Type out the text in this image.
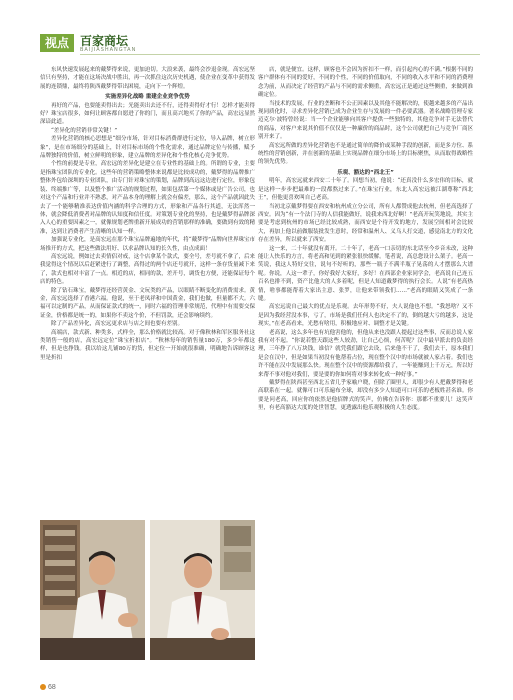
视点 百家商坛
BAIJIASHANGTAN

东风快速发展起来的戴梦得来说，更加迫切。大浪来袭，最终会沙退金现。高宏远坚信只有坚持，才能在这场决战中胜出，再一次抓住这次历史机遇，使企业在变革中获得发展的连锁鼎，最终将陕西戴梦得带出困境，走向下一个辉煌。

实施差异化战略 重建企业竞争优势

再好的产品，也要能卖得出去；光能卖出去还不行，还得卖得好才行！怎样才能卖得好？珠宝店很多，如何让顾客都自愿进了你的门，而且高兴地买了你的产品，高宏远显然深谙此道。

“差异化的营销非常关键！”

差异化营销的核心思想是“细分市场，针对目标消费群进行定位，导入品牌，树立形象”，是在市场细分的基础上，针对目标市场的个性化需求，通过品牌定位与传播，赋予品牌独特的价值，树立鲜明的形象，建立品牌的差异化和个性化核心竞争优势。

个性的前提是专业，高宏远的差异化是建立在专业性的基础上的。所谓的专业，主要是指珠宝团队的专业化。这些年的营销策略整体来说都是比较成功的，戴梦得的品牌推广整体外包给深圳的专业团队，由专门针对珠宝的策划，品牌到高远这边进行定位，形象包装、终端推广等，以及整个推广活动的规划过程，如果包括第一个媒体或是广告公司，也对这个产品和行业并不熟悉，对产品本身的理解上就会有偏差，那么，这个产品就因此失去了一个能够精准表达价值内涵的科学合理的方式，形象和产品各行其道，无法浑然一体，就会降低消费者对品牌的认知度和信任度。对策划专业化的坚持，也是戴梦得品牌深入人心的重要因素之一，就像规划老牌重新开展成功的营销那样的准确，要做到有效的精准，达到让消费者产生清晰的认知一样。

加强说专业化，是高宏远在那个珠宝品牌遍地的年代，将“戴梦得”品牌向世界珠宝市场推开的方式，把这些做法用好、以求品牌认知的长久性，由点成面！

高宏远说，例如过去卖情侣对戒，这个店拿某个款式，要全号，差号就不拿了，后来我觉得这个情况以后赶紧进行了调整，高得过的两个店还号就开，这样一条存货量减下来了，款式也相对丰富了一点。相近的店，相同的款，差开号，调货也方便，还能保证每个店的特色。

除了钻石珠宝，戴梦得还经营黄金、文玩类的产品，以眼睛不断变化的消费需求。黄金，高宏远选择了香港六福。他说，至于老凤祥和中国黄金，我们也做，但量都不大。六福可以定制的产品，从而保证款式的统一，同时六福的管理非常规范，代理中有需要交保证金，价格都是统一的，如果你不卖这个价，不但罚款，还会影响续约。

除了产品差异化，高宏远更求店与店之间也要有差别。

高端店，款式新、种类多，式样全，那么价格就比较高。对于像秋林和军区服务社这类销售一般的店，高宏远定位“珠宝折扣店”。“秋林每年的销售量180万，多少年都这样，但是也挣钱。我以给这儿铺80万的货，但定位一开始就很准确，明确地告诉顾客这里是折扣

店，就是便宜。这样，顾客也不会因为折扣不一样，而引起内心的不满。”根据不同的客户群体有不同的爱好，不同的个性，不同的价值取向，不同的收入水平和不同的消费理念为前，从而决定了经营的产品与不同的需求侧重，高宏远正是通过这些侧重，来做到准确定位。

当技术的发展，行业的垄断和不公正因素以及其他不能解决的，使越来越多的产品出现同质化时，寻求差异化营销已成为企业生存与发展的一件必要武器。著名战略管理专家迈克尔·波特曾经说：当一个企业能够向其客户提供一些独特的，其他竞争对手无法替代的商品，对客户来说其价值不仅仅是一种廉价的商品时，这个公司就把自己与竞争厂商区别开来了。

高宏远所做的差异化营销也不是通过简单的降价或某种手段的创新，而是多方位、系统性的营销创新，并在创新的基础上实现品牌在细分市场上的目标聚焦，从而取得战略性的领先优势。

乐观、豁达的“西北王”

明年，高宏远就来西安二十年了。回想当初，他说：“还真没什么多宏伟的目标，就是这样一步步把最难的一段都熬过来了。”在珠宝行业，东北人高宏远被江湖尊称“西北王”，但他更喜欢叫自己老高。

当初北京戴梦得要在西安和杭州成立分公司，所有人都赞成他去杭州，但老高选择了西安。因为“有一个法门寺的人信我能做好，说我来西北好啊！”老高开玩笑地说，其实主要是考虑到杭州的市场已经比较成熟，而西安是个待开发的地方，发展空间相对会比较大，再加上他以前做服装批发生意时，经常和温州人、义乌人打交道，感觉南北方的文化存在差异，所以就来了西安。

这一来，二十年就没有离开。二十年了，老高一口亲切的东北话至今乡音未改，这种能让人快乐的方言，将老高和见到的紧张很快缓解。笔者说，高总您设计么架子。老高一笑说，我这人特好交往，说句不好听的，那些一瓶子不满半瓶子晃荡的人才摆那么大谱呢。你说，人这一辈子，你好我好大家好，多好！在西部企业家同学会，老高说自己连五百名也排不到，资产比他大的人多着呢，但是人知道戴梦得的执行会长。人说“有老高热情，啥事都能帮着大家出主意、张罗，让他来带领我们……”老高的眼睛又笑成了一条缝。

高宏远说自己最大的优点是乐观。去年形势不好，夫人说他也不想。“我怒啥？又不是因为我经营没本事，亏了，市场是我们任何人也决定不了的，倒的越大亏的越多，这是现实，”在老高看来，光愁有啥用，积极地应对、调整才是关键。

老高说，这么多年也有坑他害他的，但他从来也没跟人提起过这些事，反而总说人家我有对不起。“你说若整天跟这些人较劲，让自己心烦，何苦呢？汉中最早派去的负责经理，三年挣了八万块钱，谁信？就凭我们跟它去设，后来他不干了，我们去干，原本我们是会在汉中，但是如果当初没有他帮着占位，现在整个汉中的市场就被人家占着。我们也许不能在汉中发展那么快。现在整个汉中的资源都给我了，一年能赚到上千万元，所以好来帮不事对他对我们，要是要的你如何将对事来转化成一种好事。”

戴梦得在陕西甚至西北五省几乎家喻户晓，但除了圈里人，却很少有人把戴梦得和老高联系在一起。就像可口可乐遍布全球，却没有多少人知道可口可乐的老板姓甚名谁。你要是问老高，回应你的依然是他招牌式的笑声，仿佛在告诉你：那都不重要儿！这笑声里，有老高豁达大度的处世智慧，更透露出他乐观积极的人生态度。

68
